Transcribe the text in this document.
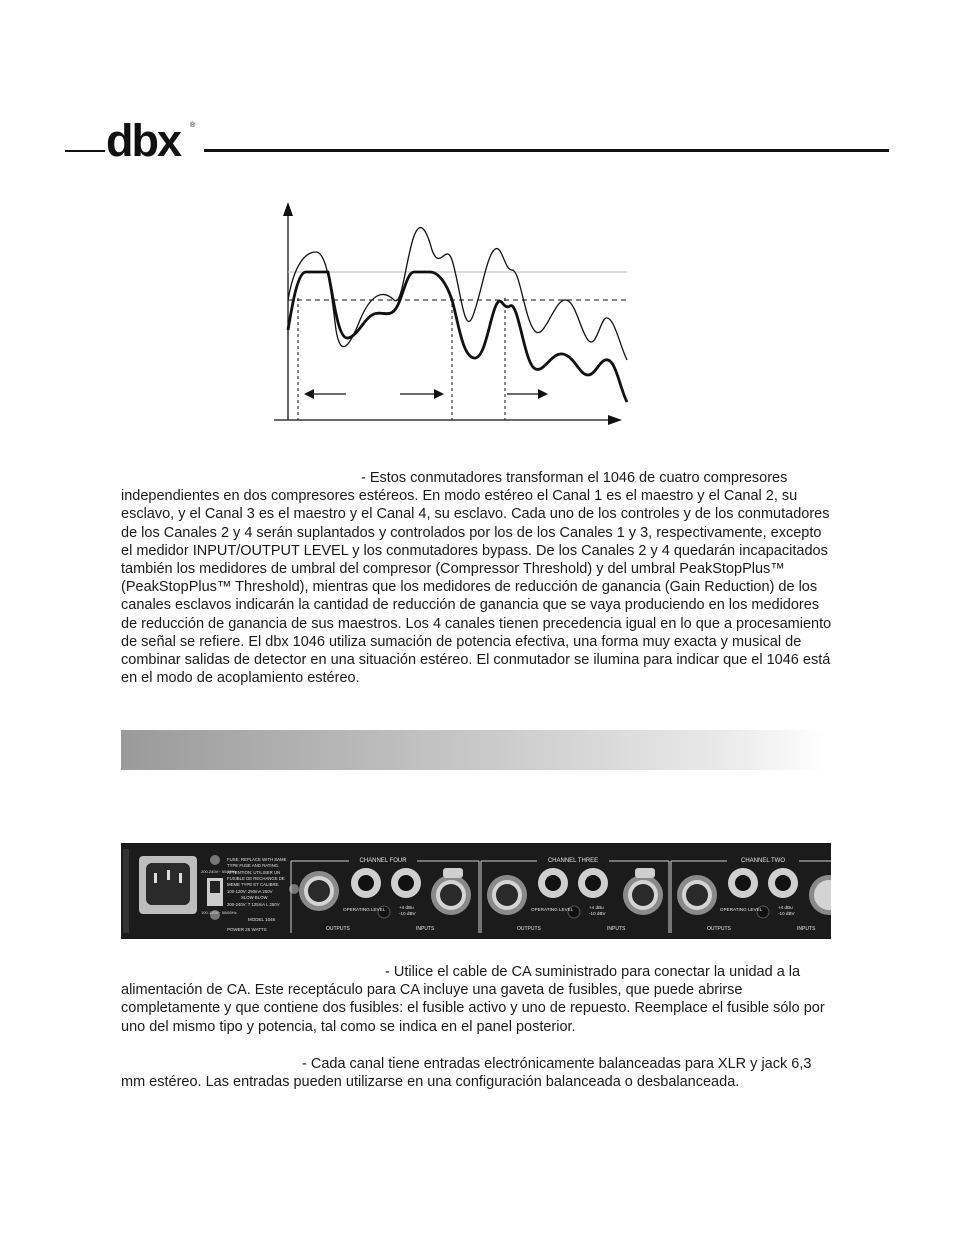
dbx ®
- Estos conmutadores transforman el 1046 de cuatro compresores independientes en dos compresores estéreos. En modo estéreo el Canal 1 es el maestro y el Canal 2, su esclavo, y el Canal 3 es el maestro y el Canal 4, su esclavo. Cada uno de los controles y de los conmutadores de los Canales 2 y 4 serán suplantados y controlados por los de los Canales 1 y 3, respectivamente, excepto el medidor INPUT/OUTPUT LEVEL y los conmutadores bypass. De los Canales 2 y 4 quedarán incapacitados también los medidores de umbral del compresor (Compressor Threshold) y del umbral PeakStopPlus™ (PeakStopPlus™ Threshold), mientras que los medidores de reducción de ganancia (Gain Reduction) de los canales esclavos indicarán la cantidad de reducción de ganancia que se vaya produciendo en los medidores de reducción de ganancia de sus maestros. Los 4 canales tienen precedencia igual en lo que a procesamiento de señal se refiere. El dbx 1046 utiliza sumación de potencia efectiva, una forma muy exacta y musical de combinar salidas de detector en una situación estéreo. El conmutador se ilumina para indicar que el 1046 está en el modo de acoplamiento estéreo.
200-240V~ 50/60Hz
100-120V~ 50/60Hz
FUSE: REPLACE WITH SAME
TYPE FUSE AND RATING.
ATTENTION: UTILISER UN
FUSIBLE DE RECHANGE DE
MEME TYPE ET CALIBRE.
100-120V: 250mA 250V
SLOW BLOW
200-240V: T 125mA L 250V
MODEL 1046
POWER 25 WATTS
CHANNEL FOUR
OPERATING LEVEL	+4 dBu
-10 dBV
OUTPUTS	INPUTS
CHANNEL THREE
OPERATING LEVEL	+4 dBu
-10 dBV
OUTPUTS	INPUTS
CHANNEL TWO
OPERATING LEVEL	+4 dBu
-10 dBV
OUTPUTS	INPUTS
- Utilice el cable de CA suministrado para conectar la unidad a la alimentación de CA. Este receptáculo para CA incluye una gaveta de fusibles, que puede abrirse completamente y que contiene dos fusibles: el fusible activo y uno de repuesto. Reemplace el fusible sólo por uno del mismo tipo y potencia, tal como se indica en el panel posterior.
- Cada canal tiene entradas electrónicamente balanceadas para XLR y jack 6,3 mm estéreo. Las entradas pueden utilizarse en una configuración balanceada o desbalanceada.
